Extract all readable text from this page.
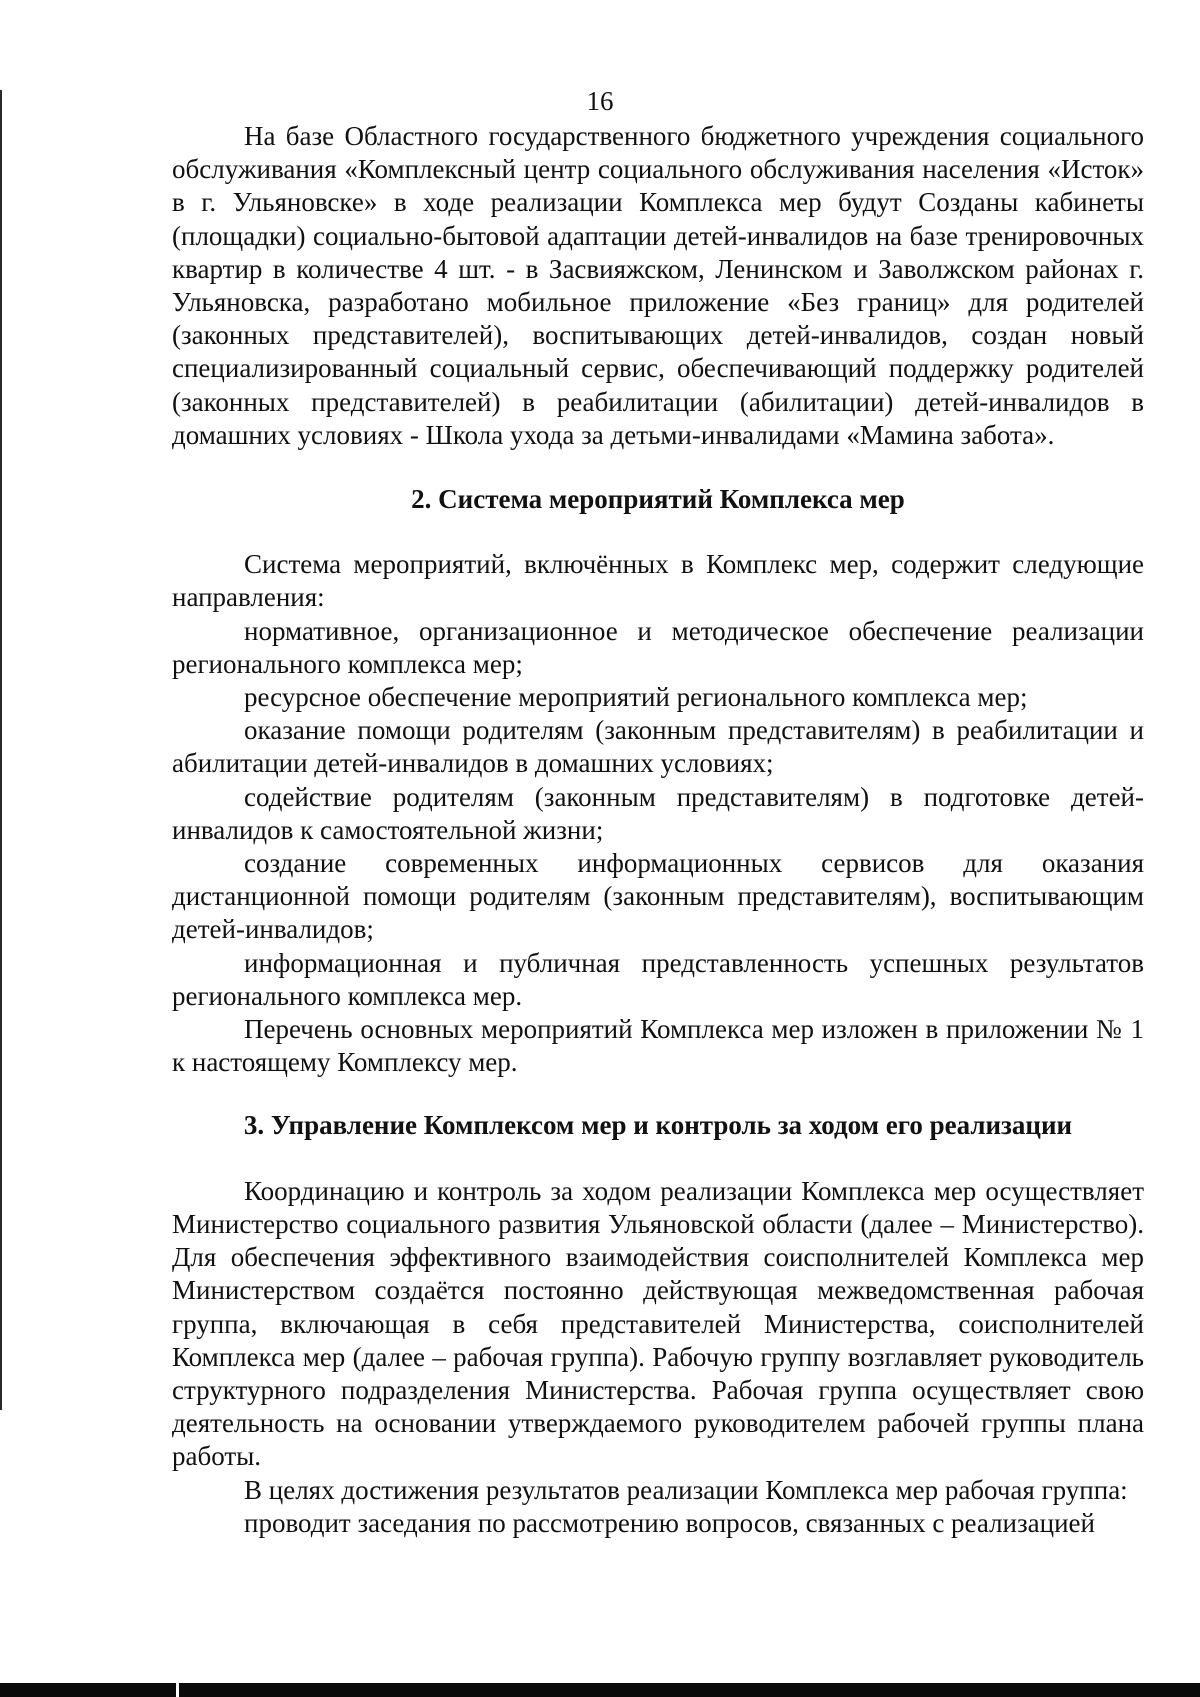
16

На базе Областного государственного бюджетного учреждения социального обслуживания «Комплексный центр социального обслуживания населения «Исток» в г. Ульяновске» в ходе реализации Комплекса мер будут Созданы кабинеты (площадки) социально-бытовой адаптации детей-инвалидов на базе тренировочных квартир в количестве 4 шт. - в Засвияжском, Ленинском и Заволжском районах г. Ульяновска, разработано мобильное приложение «Без границ» для родителей (законных представителей), воспитывающих детей-инвалидов, создан новый специализированный социальный сервис, обеспечивающий поддержку родителей (законных представителей) в реабилитации (абилитации) детей-инвалидов в домашних условиях - Школа ухода за детьми-инвалидами «Мамина забота».

2. Система мероприятий Комплекса мер

Система мероприятий, включённых в Комплекс мер, содержит следующие направления:

нормативное, организационное и методическое обеспечение реализации регионального комплекса мер;

ресурсное обеспечение мероприятий регионального комплекса мер;

оказание помощи родителям (законным представителям) в реабилитации и абилитации детей-инвалидов в домашних условиях;

содействие родителям (законным представителям) в подготовке детей-инвалидов к самостоятельной жизни;

создание современных информационных сервисов для оказания дистанционной помощи родителям (законным представителям), воспитывающим детей-инвалидов;

информационная и публичная представленность успешных результатов регионального комплекса мер.

Перечень основных мероприятий Комплекса мер изложен в приложении № 1 к настоящему Комплексу мер.

3. Управление Комплексом мер и контроль за ходом его реализации

Координацию и контроль за ходом реализации Комплекса мер осуществляет Министерство социального развития Ульяновской области (далее – Министерство). Для обеспечения эффективного взаимодействия соисполнителей Комплекса мер Министерством создаётся постоянно действующая межведомственная рабочая группа, включающая в себя представителей Министерства, соисполнителей Комплекса мер (далее – рабочая группа). Рабочую группу возглавляет руководитель структурного подразделения Министерства. Рабочая группа осуществляет свою деятельность на основании утверждаемого руководителем рабочей группы плана работы.

В целях достижения результатов реализации Комплекса мер рабочая группа:

проводит заседания по рассмотрению вопросов, связанных с реализацией
